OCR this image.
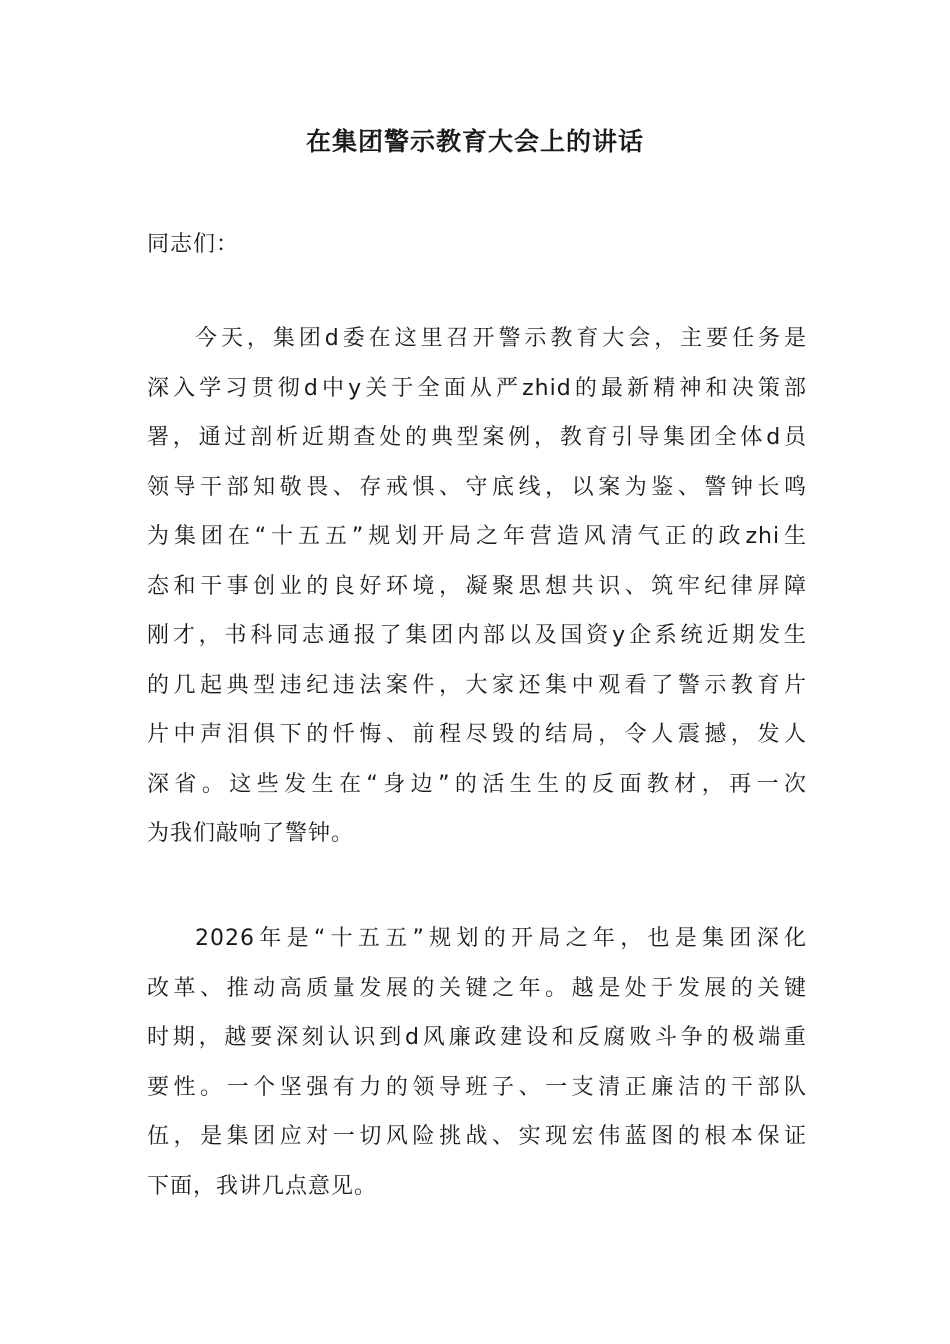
在集团警示教育大会上的讲话
同志们：
今天，集团d委在这里召开警示教育大会，主要任务是
深入学习贯彻d中y关于全面从严zhid的最新精神和决策部
署，通过剖析近期查处的典型案例，教育引导集团全体d员
领导干部知敬畏、存戒惧、守底线，以案为鉴、警钟长鸣
为集团在“十五五”规划开局之年营造风清气正的政zhi生
态和干事创业的良好环境，凝聚思想共识、筑牢纪律屏障
刚才，书科同志通报了集团内部以及国资y企系统近期发生
的几起典型违纪违法案件，大家还集中观看了警示教育片
片中声泪俱下的忏悔、前程尽毁的结局，令人震撼，发人
深省。这些发生在“身边”的活生生的反面教材，再一次
为我们敲响了警钟。
2026年是“十五五”规划的开局之年，也是集团深化
改革、推动高质量发展的关键之年。越是处于发展的关键
时期，越要深刻认识到d风廉政建设和反腐败斗争的极端重
要性。一个坚强有力的领导班子、一支清正廉洁的干部队
伍，是集团应对一切风险挑战、实现宏伟蓝图的根本保证
下面，我讲几点意见。
